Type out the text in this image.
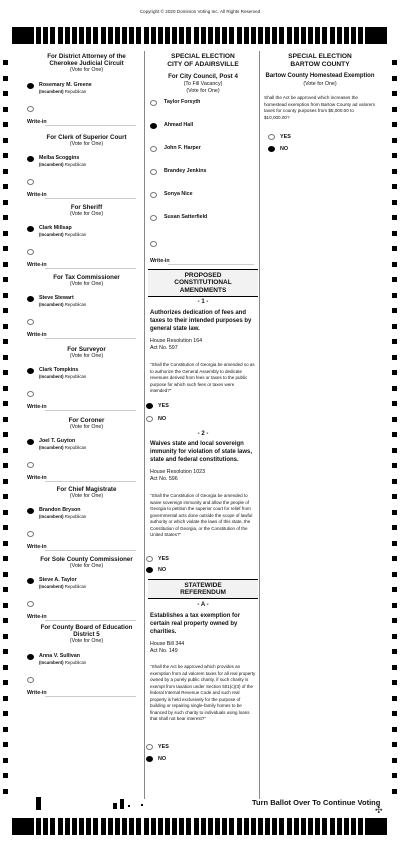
Copyright © 2020 Dominion Voting Inc. All Rights Reserved
For District Attorney of the Cherokee Judicial Circuit
(Vote for One)
Rosemary M. Greene
(Incumbent) Republican
Write-in
For Clerk of Superior Court
(Vote for One)
Melba Scoggins
(Incumbent) Republican
Write-in
For Sheriff
(Vote for One)
Clark Millsap
(Incumbent) Republican
Write-in
For Tax Commissioner
(Vote for One)
Steve Stewart
(Incumbent) Republican
Write-in
For Surveyor
(Vote for One)
Clark Tompkins
(Incumbent) Republican
Write-in
For Coroner
(Vote for One)
Joel T. Guyton
(Incumbent) Republican
Write-in
For Chief Magistrate
(Vote for One)
Brandon Bryson
(Incumbent) Republican
Write-in
For Sole County Commissioner
(Vote for One)
Steve A. Taylor
(Incumbent) Republican
Write-in
For County Board of Education District 5
(Vote for One)
Anna V. Sullivan
(Incumbent) Republican
Write-in
SPECIAL ELECTION
CITY OF ADAIRSVILLE
For City Council, Post 4
(To Fill Vacancy)
(Vote for One)
Taylor Forsyth
Ahmad Hall
John F. Harper
Brandey Jenkins
Sonya Nice
Susan Satterfield
Write-in
PROPOSED
CONSTITUTIONAL
AMENDMENTS
- 1 -
Authorizes dedication of fees and taxes to their intended purposes by general state law.
House Resolution 164
Act No. 597
"Shall the Constitution of Georgia be amended so as to authorize the General Assembly to dedicate revenues derived from fees or taxes to the public purpose for which such fees or taxes were intended?"
YES
NO
- 2 -
Waives state and local sovereign immunity for violation of state laws, state and federal constitutions.
House Resolution 1023
Act No. 596
"Shall the Constitution of Georgia be amended to waive sovereign immunity and allow the people of Georgia to petition the superior court for relief from governmental acts done outside the scope of lawful authority or which violate the laws of this state, the Constitution of Georgia, or the Constitution of the United States?"
YES
NO
STATEWIDE
REFERENDUM
- A -
Establishes a tax exemption for certain real property owned by charities.
House Bill 344
Act No. 149
"Shall the Act be approved which provides an exemption from ad valorem taxes for all real property owned by a purely public charity, if such charity is exempt from taxation under Section 501(c)(3) of the federal Internal Revenue Code and such real property is held exclusively for the purpose of building or repairing single-family homes to be financed by such charity to individuals using loans that shall not bear interest?"
YES
NO
SPECIAL ELECTION
BARTOW COUNTY
Bartow County Homestead Exemption
(Vote for One)
Shall the Act be approved which increases the homestead exemption from Bartow County ad valorem taxes for county purposes from $5,000.00 to $10,000.00?
YES
NO
Turn Ballot Over To Continue Voting
✣
